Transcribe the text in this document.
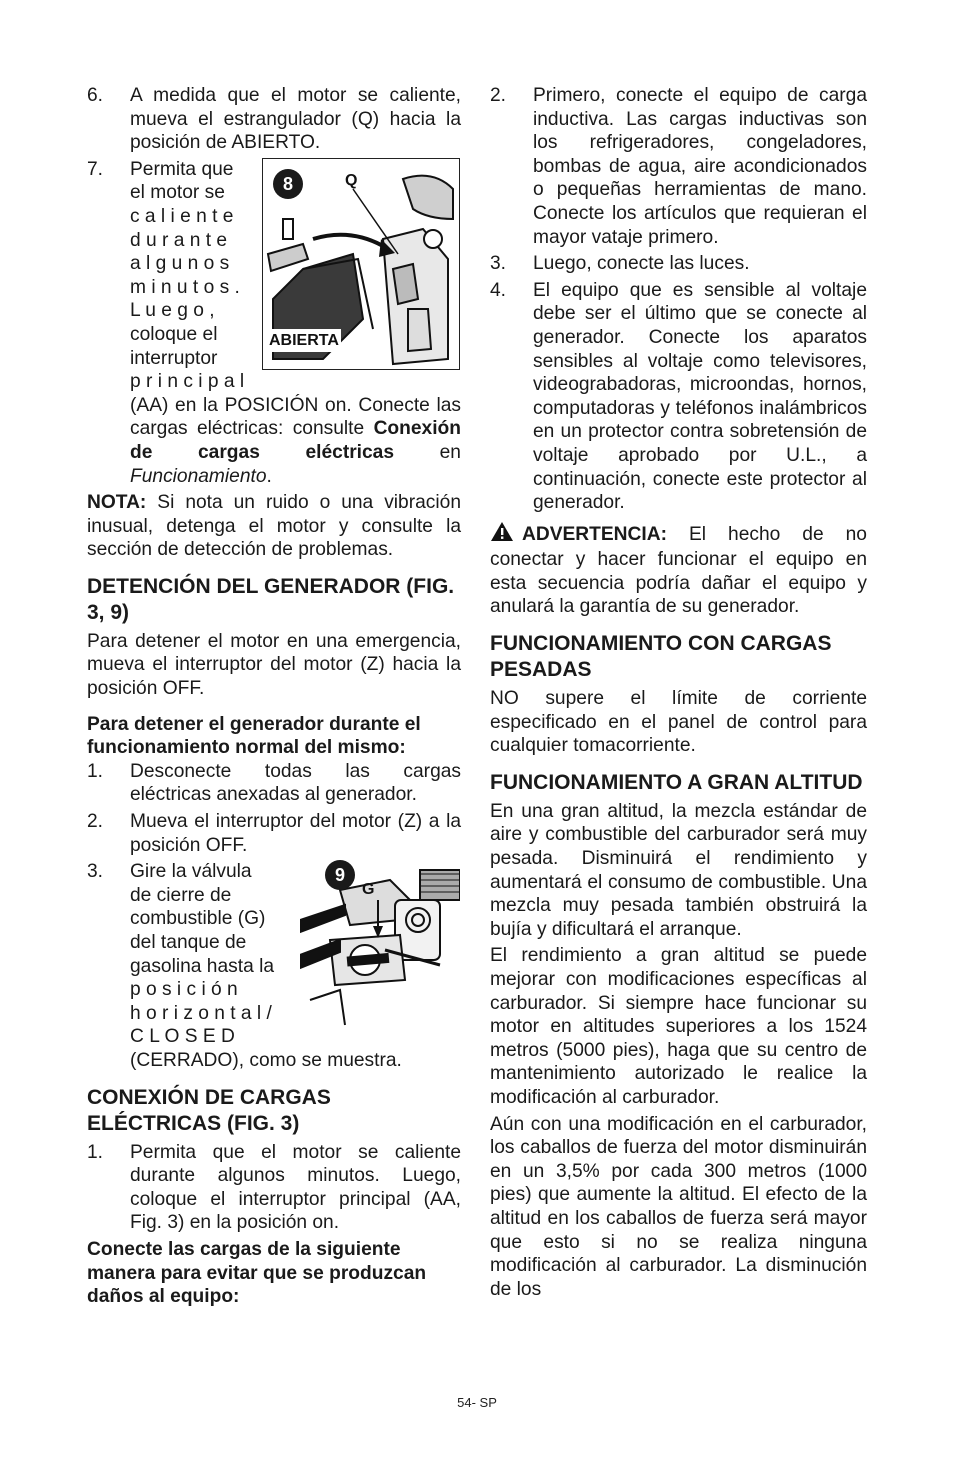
6. A medida que el motor se caliente, mueva el estrangulador (Q) hacia la posición de ABIERTO.
7. Permita que
el motor se
c a l i e n t e
d u r a n t e
a l g u n o s
m i n u t o s .
L u e g o ,
coloque el
interruptor
p r i n c i p a l
8	Q
ABIERTA
(AA) en la POSICIÓN on. Conecte las cargas eléctricas: consulte Conexión de cargas eléctricas en Funcionamiento.

NOTA: Si nota un ruido o una vibración inusual, detenga el motor y consulte la sección de detección de problemas.

DETENCIÓN DEL GENERADOR (FIG. 3, 9)

Para detener el motor en una emergencia, mueva el interruptor del motor (Z) hacia la posición OFF.

Para detener el generador durante el funcionamiento normal del mismo:

1. Desconecte todas las cargas eléctricas anexadas al generador.
2. Mueva el interruptor del motor (Z) a la posición OFF.
3. Gire la válvula
de cierre de
combustible (G)
del tanque de
gasolina hasta la
p o s i c i ó n
h o r i z o n t a l /
C L O S E D
9
G
(CERRADO), como se muestra.
CONEXIÓN DE CARGAS ELÉCTRICAS (FIG. 3)
1. Permita que el motor se caliente durante algunos minutos. Luego, coloque el interruptor principal (AA, Fig. 3) en la posición on.

Conecte las cargas de la siguiente manera para evitar que se produzcan daños al equipo:

2. Primero, conecte el equipo de carga inductiva. Las cargas inductivas son los refrigeradores, congeladores, bombas de agua, aire acondicionados o pequeñas herramientas de mano. Conecte los artículos que requieran el mayor vataje primero.
3. Luego, conecte las luces.
4. El equipo que es sensible al voltaje debe ser el último que se conecte al generador. Conecte los aparatos sensibles al voltaje como televisores, videograbadoras, microondas, hornos, computadoras y teléfonos inalámbricos en un protector contra sobretensión de voltaje aprobado por U.L., a continuación, conecte este protector al generador.

ADVERTENCIA: El hecho de no conectar y hacer funcionar el equipo en esta secuencia podría dañar el equipo y anulará la garantía de su generador.

FUNCIONAMIENTO CON CARGAS PESADAS

NO supere el límite de corriente especificado en el panel de control para cualquier tomacorriente.

FUNCIONAMIENTO A GRAN ALTITUD

En una gran altitud, la mezcla estándar de aire y combustible del carburador será muy pesada. Disminuirá el rendimiento y aumentará el consumo de combustible. Una mezcla muy pesada también obstruirá la bujía y dificultará el arranque.

El rendimiento a gran altitud se puede mejorar con modificaciones específicas al carburador. Si siempre hace funcionar su motor en altitudes superiores a los 1524 metros (5000 pies), haga que su centro de mantenimiento autorizado le realice la modificación al carburador.

Aún con una modificación en el carburador, los caballos de fuerza del motor disminuirán en un 3,5% por cada 300 metros (1000 pies) que aumente la altitud. El efecto de la altitud en los caballos de fuerza será mayor que esto si no se realiza ninguna modificación al carburador. La disminución de los

54- SP
